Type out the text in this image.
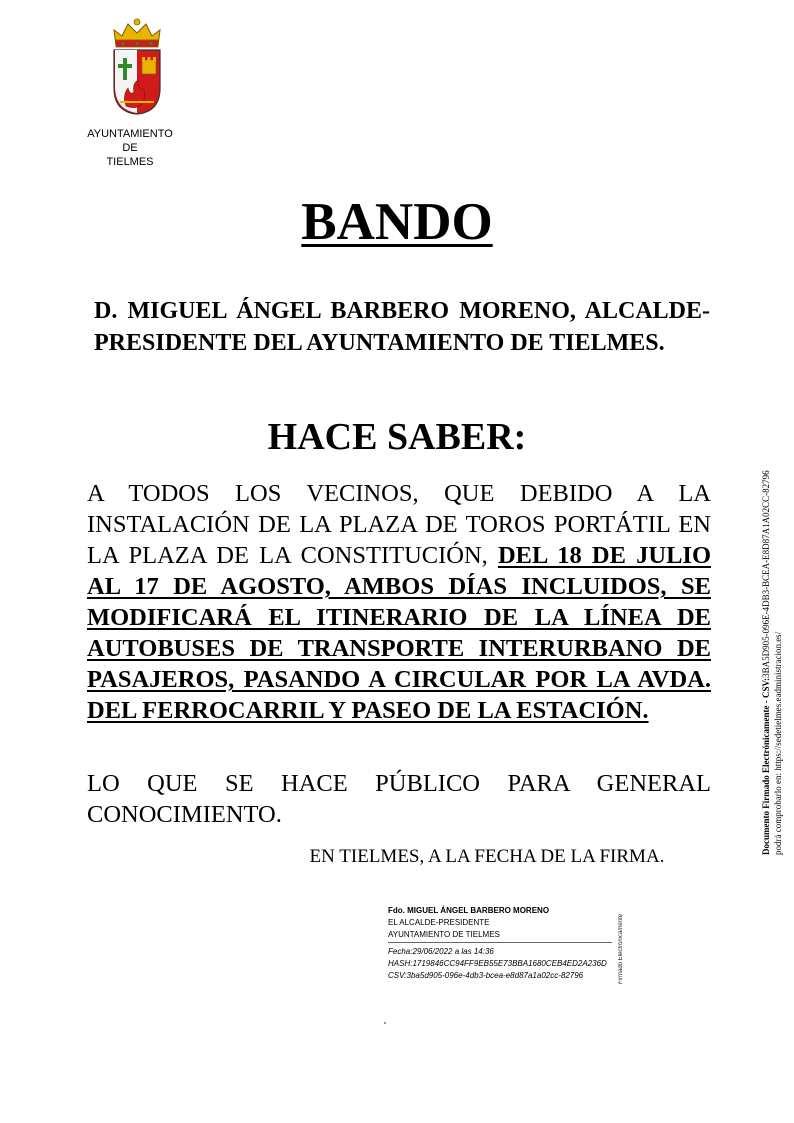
AYUNTAMIENTO
DE
TIELMES
BANDO
D. MIGUEL ÁNGEL BARBERO MORENO, ALCALDE-PRESIDENTE DEL AYUNTAMIENTO DE TIELMES.
HACE SABER:
A TODOS LOS VECINOS, QUE DEBIDO A LA INSTALACIÓN DE LA PLAZA DE TOROS PORTÁTIL EN LA PLAZA DE LA CONSTITUCIÓN, DEL 18 DE JULIO AL 17 DE AGOSTO, AMBOS DÍAS INCLUIDOS, SE MODIFICARÁ EL ITINERARIO DE LA LÍNEA DE AUTOBUSES DE TRANSPORTE INTERURBANO DE PASAJEROS, PASANDO A CIRCULAR POR LA AVDA. DEL FERROCARRIL Y PASEO DE LA ESTACIÓN.
LO QUE SE HACE PÚBLICO PARA GENERAL CONOCIMIENTO.
EN TIELMES, A LA FECHA DE LA FIRMA.
Fdo. MIGUEL ÁNGEL BARBERO MORENO
EL ALCALDE-PRESIDENTE
AYUNTAMIENTO DE TIELMES
Fecha:29/06/2022 a las 14:36
HASH:1719846CC94FF9EB55E73BBA1680CEB4ED2A236D
CSV:3ba5d905-096e-4db3-bcea-e8d87a1a02cc-82796	Firmado Electrónicamente
Documento Firmado Electrónicamente - CSV:3BA5D905-096E-4DB3-BCEA-E8D87A1A02CC-82796
podrá comprobarlo en: https://sedetielmes.eadministracion.es/
